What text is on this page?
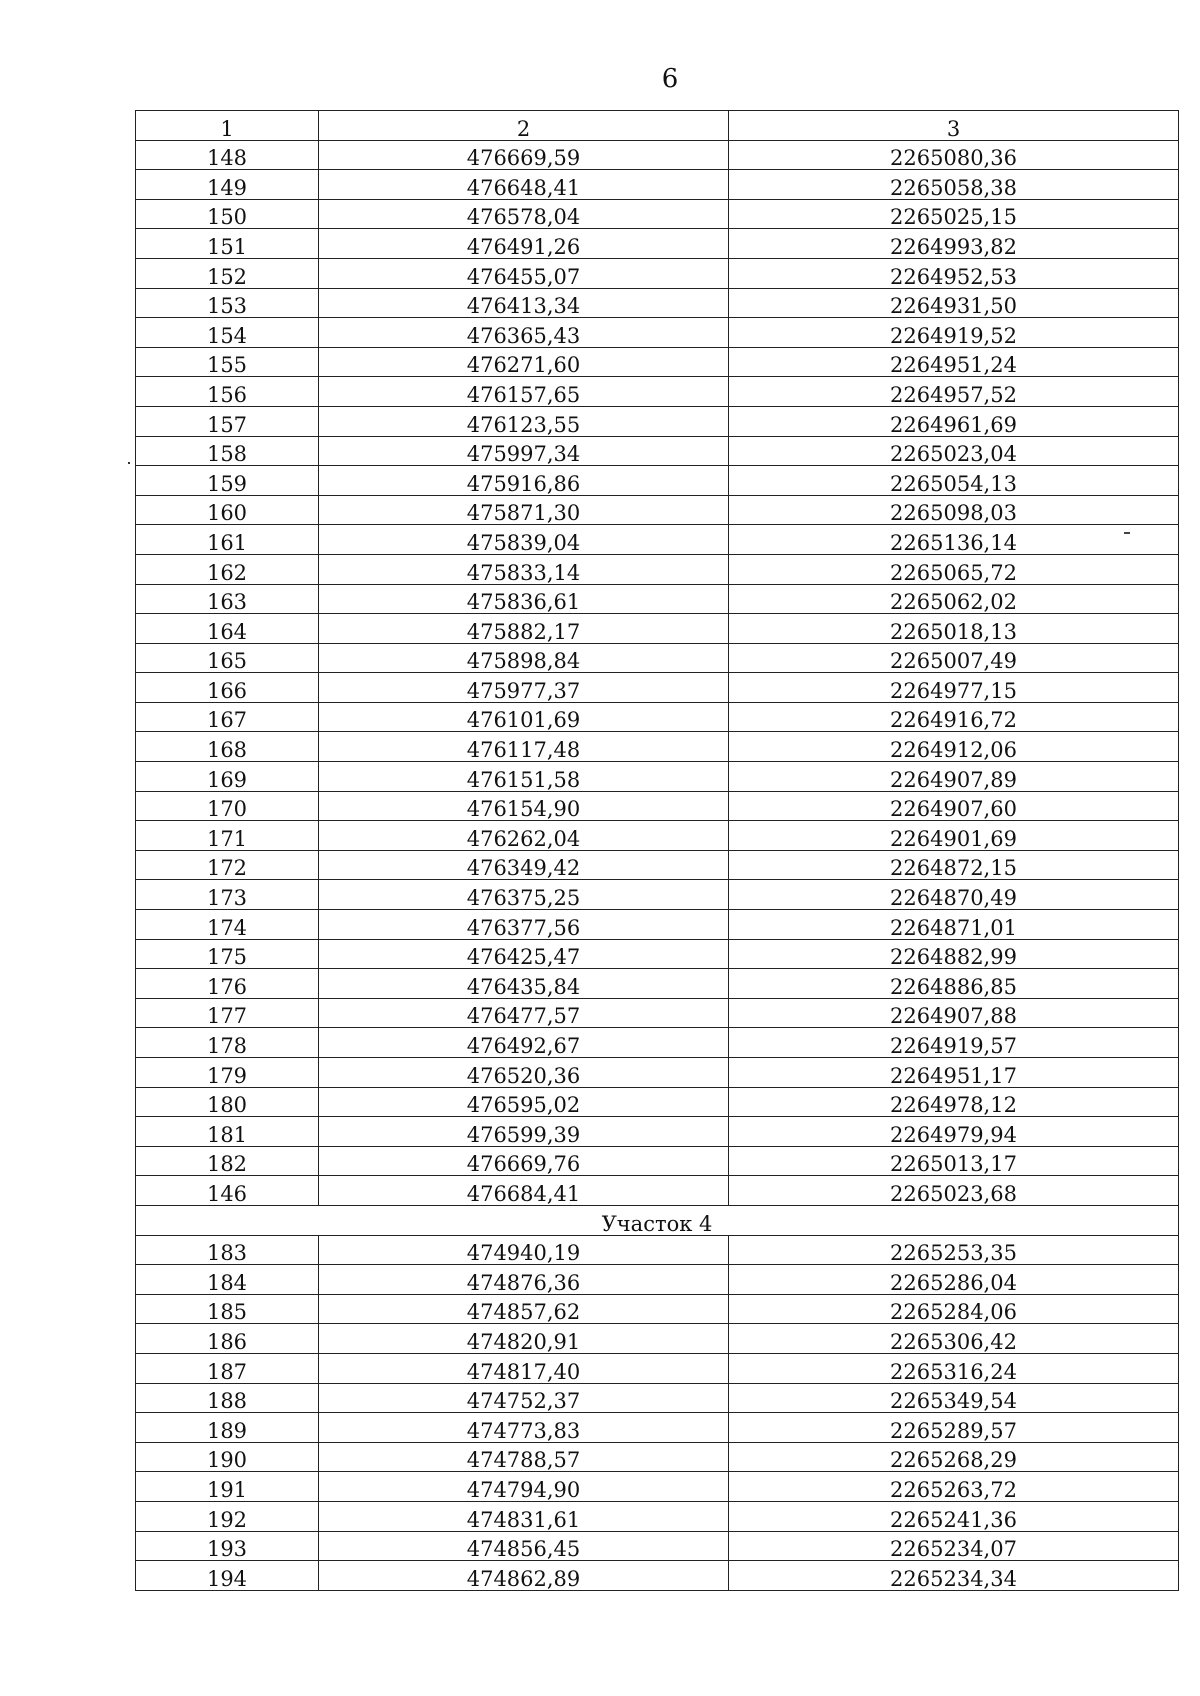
6
1	2	3
148	476669,59	2265080,36
149	476648,41	2265058,38
150	476578,04	2265025,15
151	476491,26	2264993,82
152	476455,07	2264952,53
153	476413,34	2264931,50
154	476365,43	2264919,52
155	476271,60	2264951,24
156	476157,65	2264957,52
157	476123,55	2264961,69
158	475997,34	2265023,04
159	475916,86	2265054,13
160	475871,30	2265098,03
161	475839,04	2265136,14
162	475833,14	2265065,72
163	475836,61	2265062,02
164	475882,17	2265018,13
165	475898,84	2265007,49
166	475977,37	2264977,15
167	476101,69	2264916,72
168	476117,48	2264912,06
169	476151,58	2264907,89
170	476154,90	2264907,60
171	476262,04	2264901,69
172	476349,42	2264872,15
173	476375,25	2264870,49
174	476377,56	2264871,01
175	476425,47	2264882,99
176	476435,84	2264886,85
177	476477,57	2264907,88
178	476492,67	2264919,57
179	476520,36	2264951,17
180	476595,02	2264978,12
181	476599,39	2264979,94
182	476669,76	2265013,17
146	476684,41	2265023,68
Участок 4		
183	474940,19	2265253,35
184	474876,36	2265286,04
185	474857,62	2265284,06
186	474820,91	2265306,42
187	474817,40	2265316,24
188	474752,37	2265349,54
189	474773,83	2265289,57
190	474788,57	2265268,29
191	474794,90	2265263,72
192	474831,61	2265241,36
193	474856,45	2265234,07
194	474862,89	2265234,34
